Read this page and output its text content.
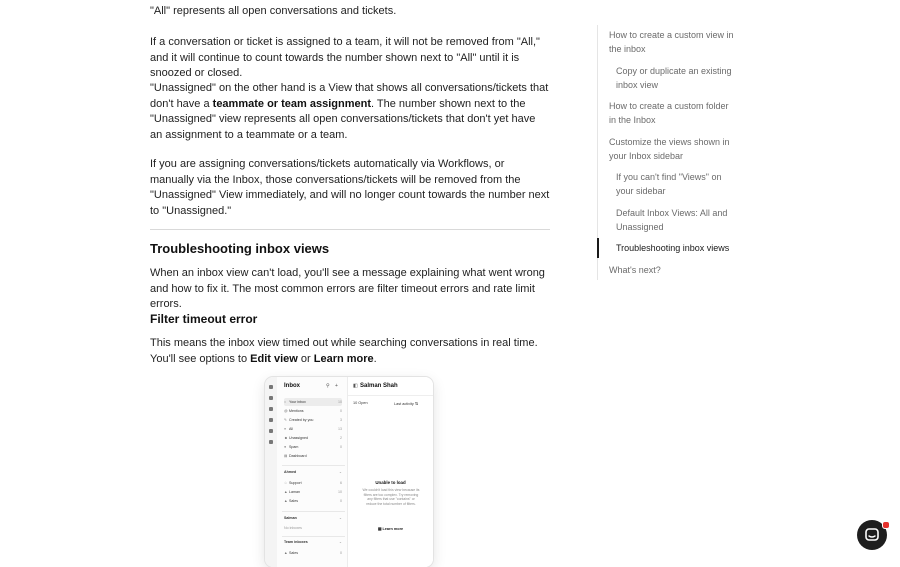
"All" represents all open conversations and tickets.

If a conversation or ticket is assigned to a team, it will not be removed from "All," and it will continue to count towards the number shown next to "All" until it is snoozed or closed.

"Unassigned" on the other hand is a View that shows all conversations/tickets that don't have a teammate or team assignment. The number shown next to the "Unassigned" view represents all open conversations/tickets that don't yet have an assignment to a teammate or a team.

If you are assigning conversations/tickets automatically via Workflows, or manually via the Inbox, those conversations/tickets will be removed from the "Unassigned" View immediately, and will no longer count towards the number next to "Unassigned."

Troubleshooting inbox views

When an inbox view can't load, you'll see a message explaining what went wrong and how to fix it. The most common errors are filter timeout errors and rate limit errors.

Filter timeout error

This means the inbox view timed out while searching conversations in real time. You'll see options to Edit view or Learn more.

How to create a custom view in the inbox
Copy or duplicate an existing inbox view
How to create a custom folder in the Inbox
Customize the views shown in your Inbox sidebar
If you can't find "Views" on your sidebar
Default Inbox Views: All and Unassigned
Troubleshooting inbox views
What's next?
Inbox	⚲ +
○ Your inbox	10
@Mentions	0
✎ Created by you	3
≡ All	13
☻Unassigned	2
● Spam	0
▤ Dashboard
Ahmed	⌄
☆ Support	6
▲Laman	10
▲Sales	0
Salman	⌄
No inboxes
Team inboxes	⌄
▲Sales	0
◧ Salman Shah
10 Open	Last activity ⇅
Unable to load
We couldn't load this view because its filters are too complex. Try removing any filters that use "contains" or reduce the total number of filters.
▦ Learn more
